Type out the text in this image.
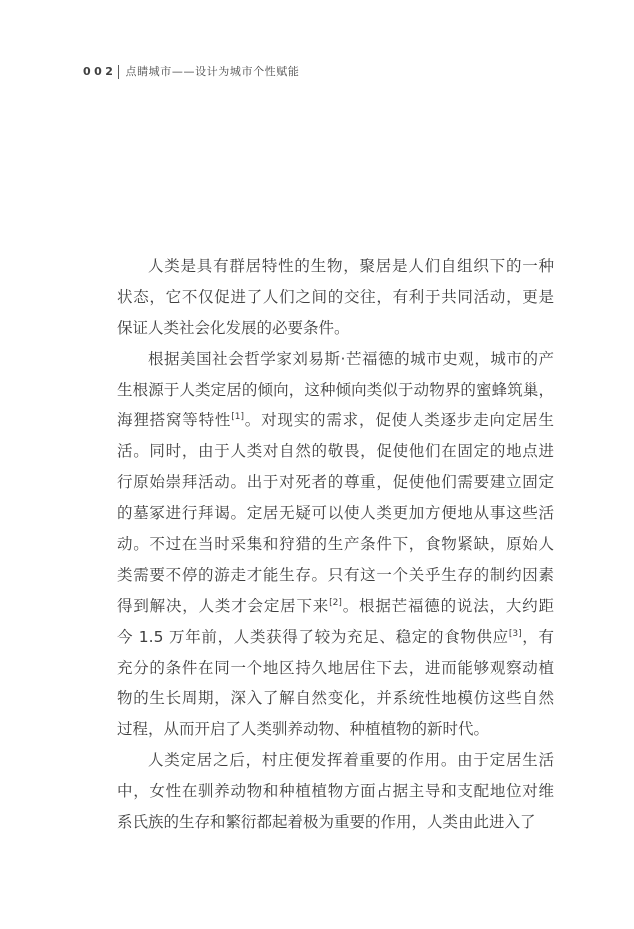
002 点睛城市——设计为城市个性赋能
人类是具有群居特性的生物，聚居是人们自组织下的一种
状态，它不仅促进了人们之间的交往，有利于共同活动，更是
保证人类社会化发展的必要条件。
根据美国社会哲学家刘易斯·芒福德的城市史观，城市的产
生根源于人类定居的倾向，这种倾向类似于动物界的蜜蜂筑巢，
海狸搭窝等特性[1]。对现实的需求，促使人类逐步走向定居生
活。同时，由于人类对自然的敬畏，促使他们在固定的地点进
行原始崇拜活动。出于对死者的尊重，促使他们需要建立固定
的墓冢进行拜谒。定居无疑可以使人类更加方便地从事这些活
动。不过在当时采集和狩猎的生产条件下，食物紧缺，原始人
类需要不停的游走才能生存。只有这一个关乎生存的制约因素
得到解决，人类才会定居下来[2]。根据芒福德的说法，大约距
今 1.5 万年前，人类获得了较为充足、稳定的食物供应[3]，有
充分的条件在同一个地区持久地居住下去，进而能够观察动植
物的生长周期，深入了解自然变化，并系统性地模仿这些自然
过程，从而开启了人类驯养动物、种植植物的新时代。
人类定居之后，村庄便发挥着重要的作用。由于定居生活
中，女性在驯养动物和种植植物方面占据主导和支配地位对维
系氏族的生存和繁衍都起着极为重要的作用，人类由此进入了
